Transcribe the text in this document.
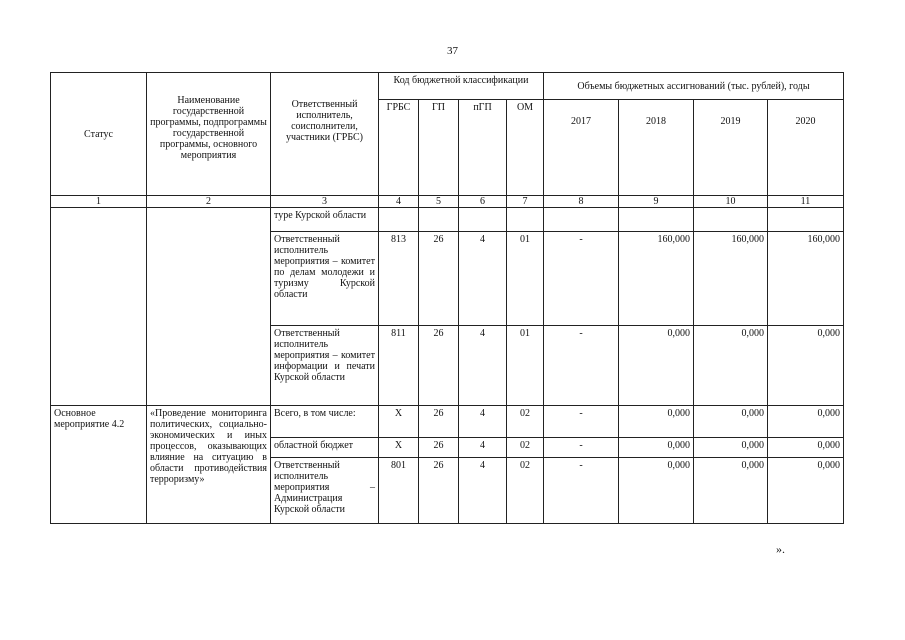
37
Статус	Наименование государственной программы, подпрограммы государственной программы, основного мероприятия	Ответственный исполнитель, соисполнители, участники (ГРБС)	Код бюджетной классификации				Объемы бюджетных ассигнований (тыс. рублей), годы			
			ГРБС	ГП	пГП	ОМ	2017	2018	2019	2020
1	2	3	4	5	6	7	8	9	10	11
		туре Курской области								
		Ответственный исполнитель мероприятия – комитет по делам молодежи и туризму Курской области	813	26	4	01	-	160,000	160,000	160,000
		Ответственный исполнитель мероприятия – комитет информации и печати Курской области	811	26	4	01	-	0,000	0,000	0,000
Основное мероприятие 4.2	«Проведение мониторинга политических, социально-экономических и иных процессов, оказывающих влияние на ситуацию в области противодействия терроризму»	Всего, в том числе:	Х	26	4	02	-	0,000	0,000	0,000
		областной бюджет	Х	26	4	02	-	0,000	0,000	0,000
		Ответственный исполнитель мероприятия – Администрация Курской области	801	26	4	02	-	0,000	0,000	0,000
».
